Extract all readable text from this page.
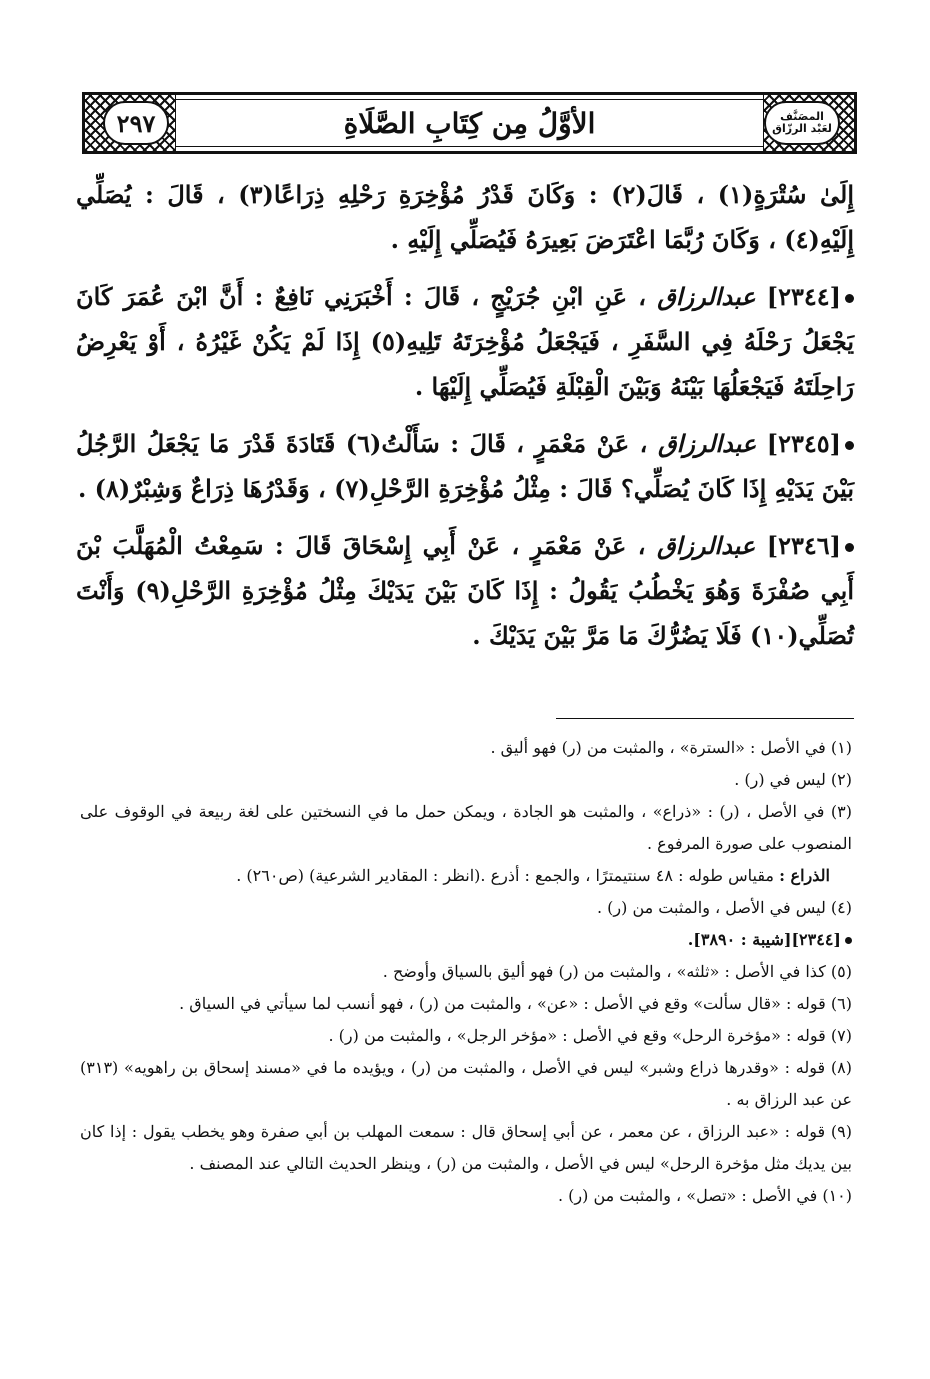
المصَنَّف لعَبْد الرزّاق
٢٩٧	الأوَّلُ مِن كِتَابِ الصَّلَاةِ

إِلَىٰ سُتْرَةٍ(١) ، قَالَ(٢) : وَكَانَ قَدْرُ مُؤْخِرَةِ رَحْلِهِ ذِرَاعًا(٣) ، قَالَ : يُصَلِّي إِلَيْهِ(٤) ، وَكَانَ رُبَّمَا اعْتَرَضَ بَعِيرَهُ فَيُصَلِّي إِلَيْهِ .

[٢٣٤٤] عبدالرزاق ، عَنِ ابْنِ جُرَيْجٍ ، قَالَ : أَخْبَرَنِي نَافِعٌ : أَنَّ ابْنَ عُمَرَ كَانَ يَجْعَلُ رَحْلَهُ فِي السَّفَرِ ، فَيَجْعَلُ مُؤْخِرَتَهُ تَلِيهِ(٥) إِذَا لَمْ يَكُنْ غَيْرُهُ ، أَوْ يَعْرِضُ رَاحِلَتَهُ فَيَجْعَلُهَا بَيْنَهُ وَبَيْنَ الْقِبْلَةِ فَيُصَلِّي إِلَيْهَا .

[٢٣٤٥] عبدالرزاق ، عَنْ مَعْمَرٍ ، قَالَ : سَأَلْتُ(٦) قَتَادَةَ قَدْرَ مَا يَجْعَلُ الرَّجُلُ بَيْنَ يَدَيْهِ إِذَا كَانَ يُصَلِّي؟ قَالَ : مِثْلُ مُؤْخِرَةِ الرَّحْلِ(٧) ، وَقَدْرُهَا ذِرَاعٌ وَشِبْرٌ(٨) .

[٢٣٤٦] عبدالرزاق ، عَنْ مَعْمَرٍ ، عَنْ أَبِي إِسْحَاقَ قَالَ : سَمِعْتُ الْمُهَلَّبَ بْنَ أَبِي صُفْرَةَ وَهُوَ يَخْطُبُ يَقُولُ : إِذَا كَانَ بَيْنَ يَدَيْكَ مِثْلُ مُؤْخِرَةِ الرَّحْلِ(٩) وَأَنْتَ تُصَلِّي(١٠) فَلَا يَضُرُّكَ مَا مَرَّ بَيْنَ يَدَيْكَ .

(١) في الأصل : «السترة» ، والمثبت من (ر) فهو أليق .

(٢) ليس في (ر) .

(٣) في الأصل ، (ر) : «ذراع» ، والمثبت هو الجادة ، ويمكن حمل ما في النسختين على لغة ربيعة في الوقوف على المنصوب على صورة المرفوع .

الذراع : مقياس طوله : ٤٨ سنتيمترًا ، والجمع : أذرع .(انظر : المقادير الشرعية) (ص٢٦٠) .

(٤) ليس في الأصل ، والمثبت من (ر) .

[٢٣٤٤][شيبة : ٣٨٩٠].

(٥) كذا في الأصل : «ثلثه» ، والمثبت من (ر) فهو أليق بالسياق وأوضح .

(٦) قوله : «قال سألت» وقع في الأصل : «عن» ، والمثبت من (ر) ، فهو أنسب لما سيأتي في السياق .

(٧) قوله : «مؤخرة الرحل» وقع في الأصل : «مؤخر الرجل» ، والمثبت من (ر) .

(٨) قوله : «وقدرها ذراع وشبر» ليس في الأصل ، والمثبت من (ر) ، ويؤيده ما في «مسند إسحاق بن راهويه» (٣١٣) عن عبد الرزاق به .

(٩) قوله : «عبد الرزاق ، عن معمر ، عن أبي إسحاق قال : سمعت المهلب بن أبي صفرة وهو يخطب يقول : إذا كان بين يديك مثل مؤخرة الرحل» ليس في الأصل ، والمثبت من (ر) ، وينظر الحديث التالي عند المصنف .

(١٠) في الأصل : «تصل» ، والمثبت من (ر) .
